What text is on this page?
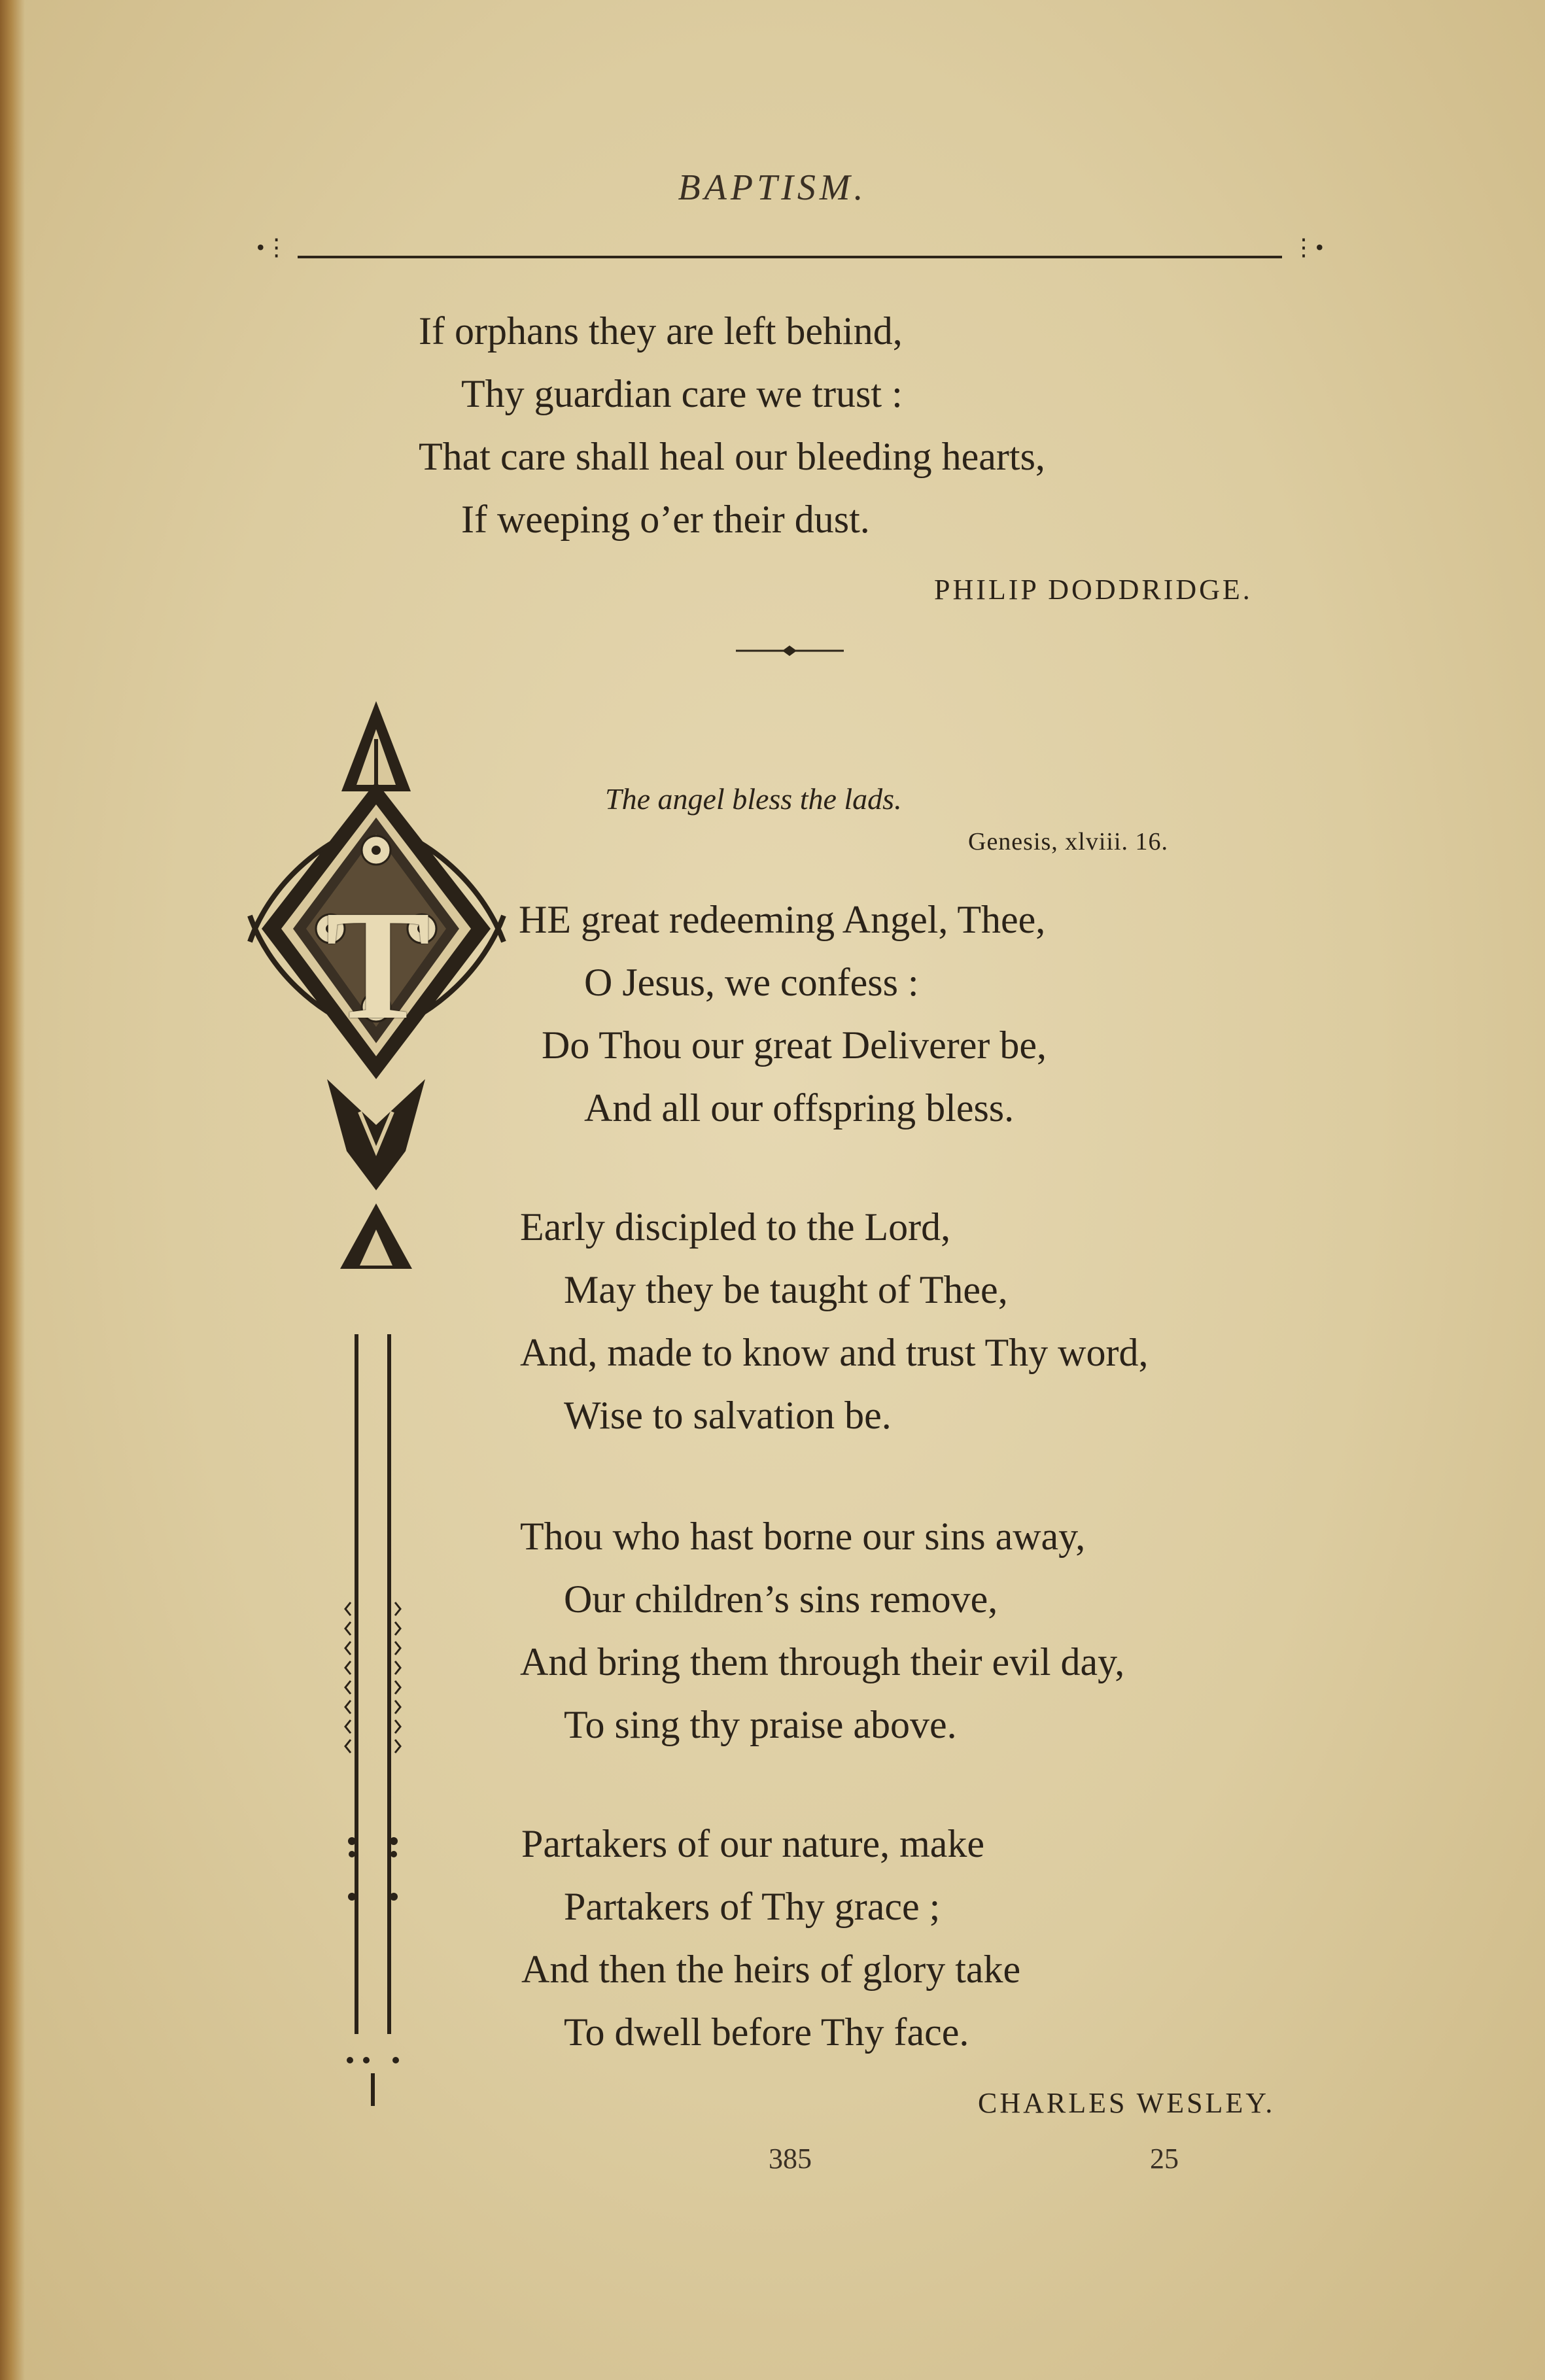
BAPTISM.
•⋮	⋮•
If orphans they are left behind,
Thy guardian care we trust :
That care shall heal our bleeding hearts,
If weeping o’er their dust.
PHILIP DODDRIDGE.
T
The angel bless the lads.
Genesis, xlviii. 16.
HE great redeeming Angel, Thee,
O Jesus, we confess :
Do Thou our great Deliverer be,
And all our offspring bless.
Early discipled to the Lord,
May they be taught of Thee,
And, made to know and trust Thy word,
Wise to salvation be.
Thou who hast borne our sins away,
Our children’s sins remove,
And bring them through their evil day,
To sing thy praise above.
Partakers of our nature, make
Partakers of Thy grace ;
And then the heirs of glory take
To dwell before Thy face.
CHARLES WESLEY.
385	25
